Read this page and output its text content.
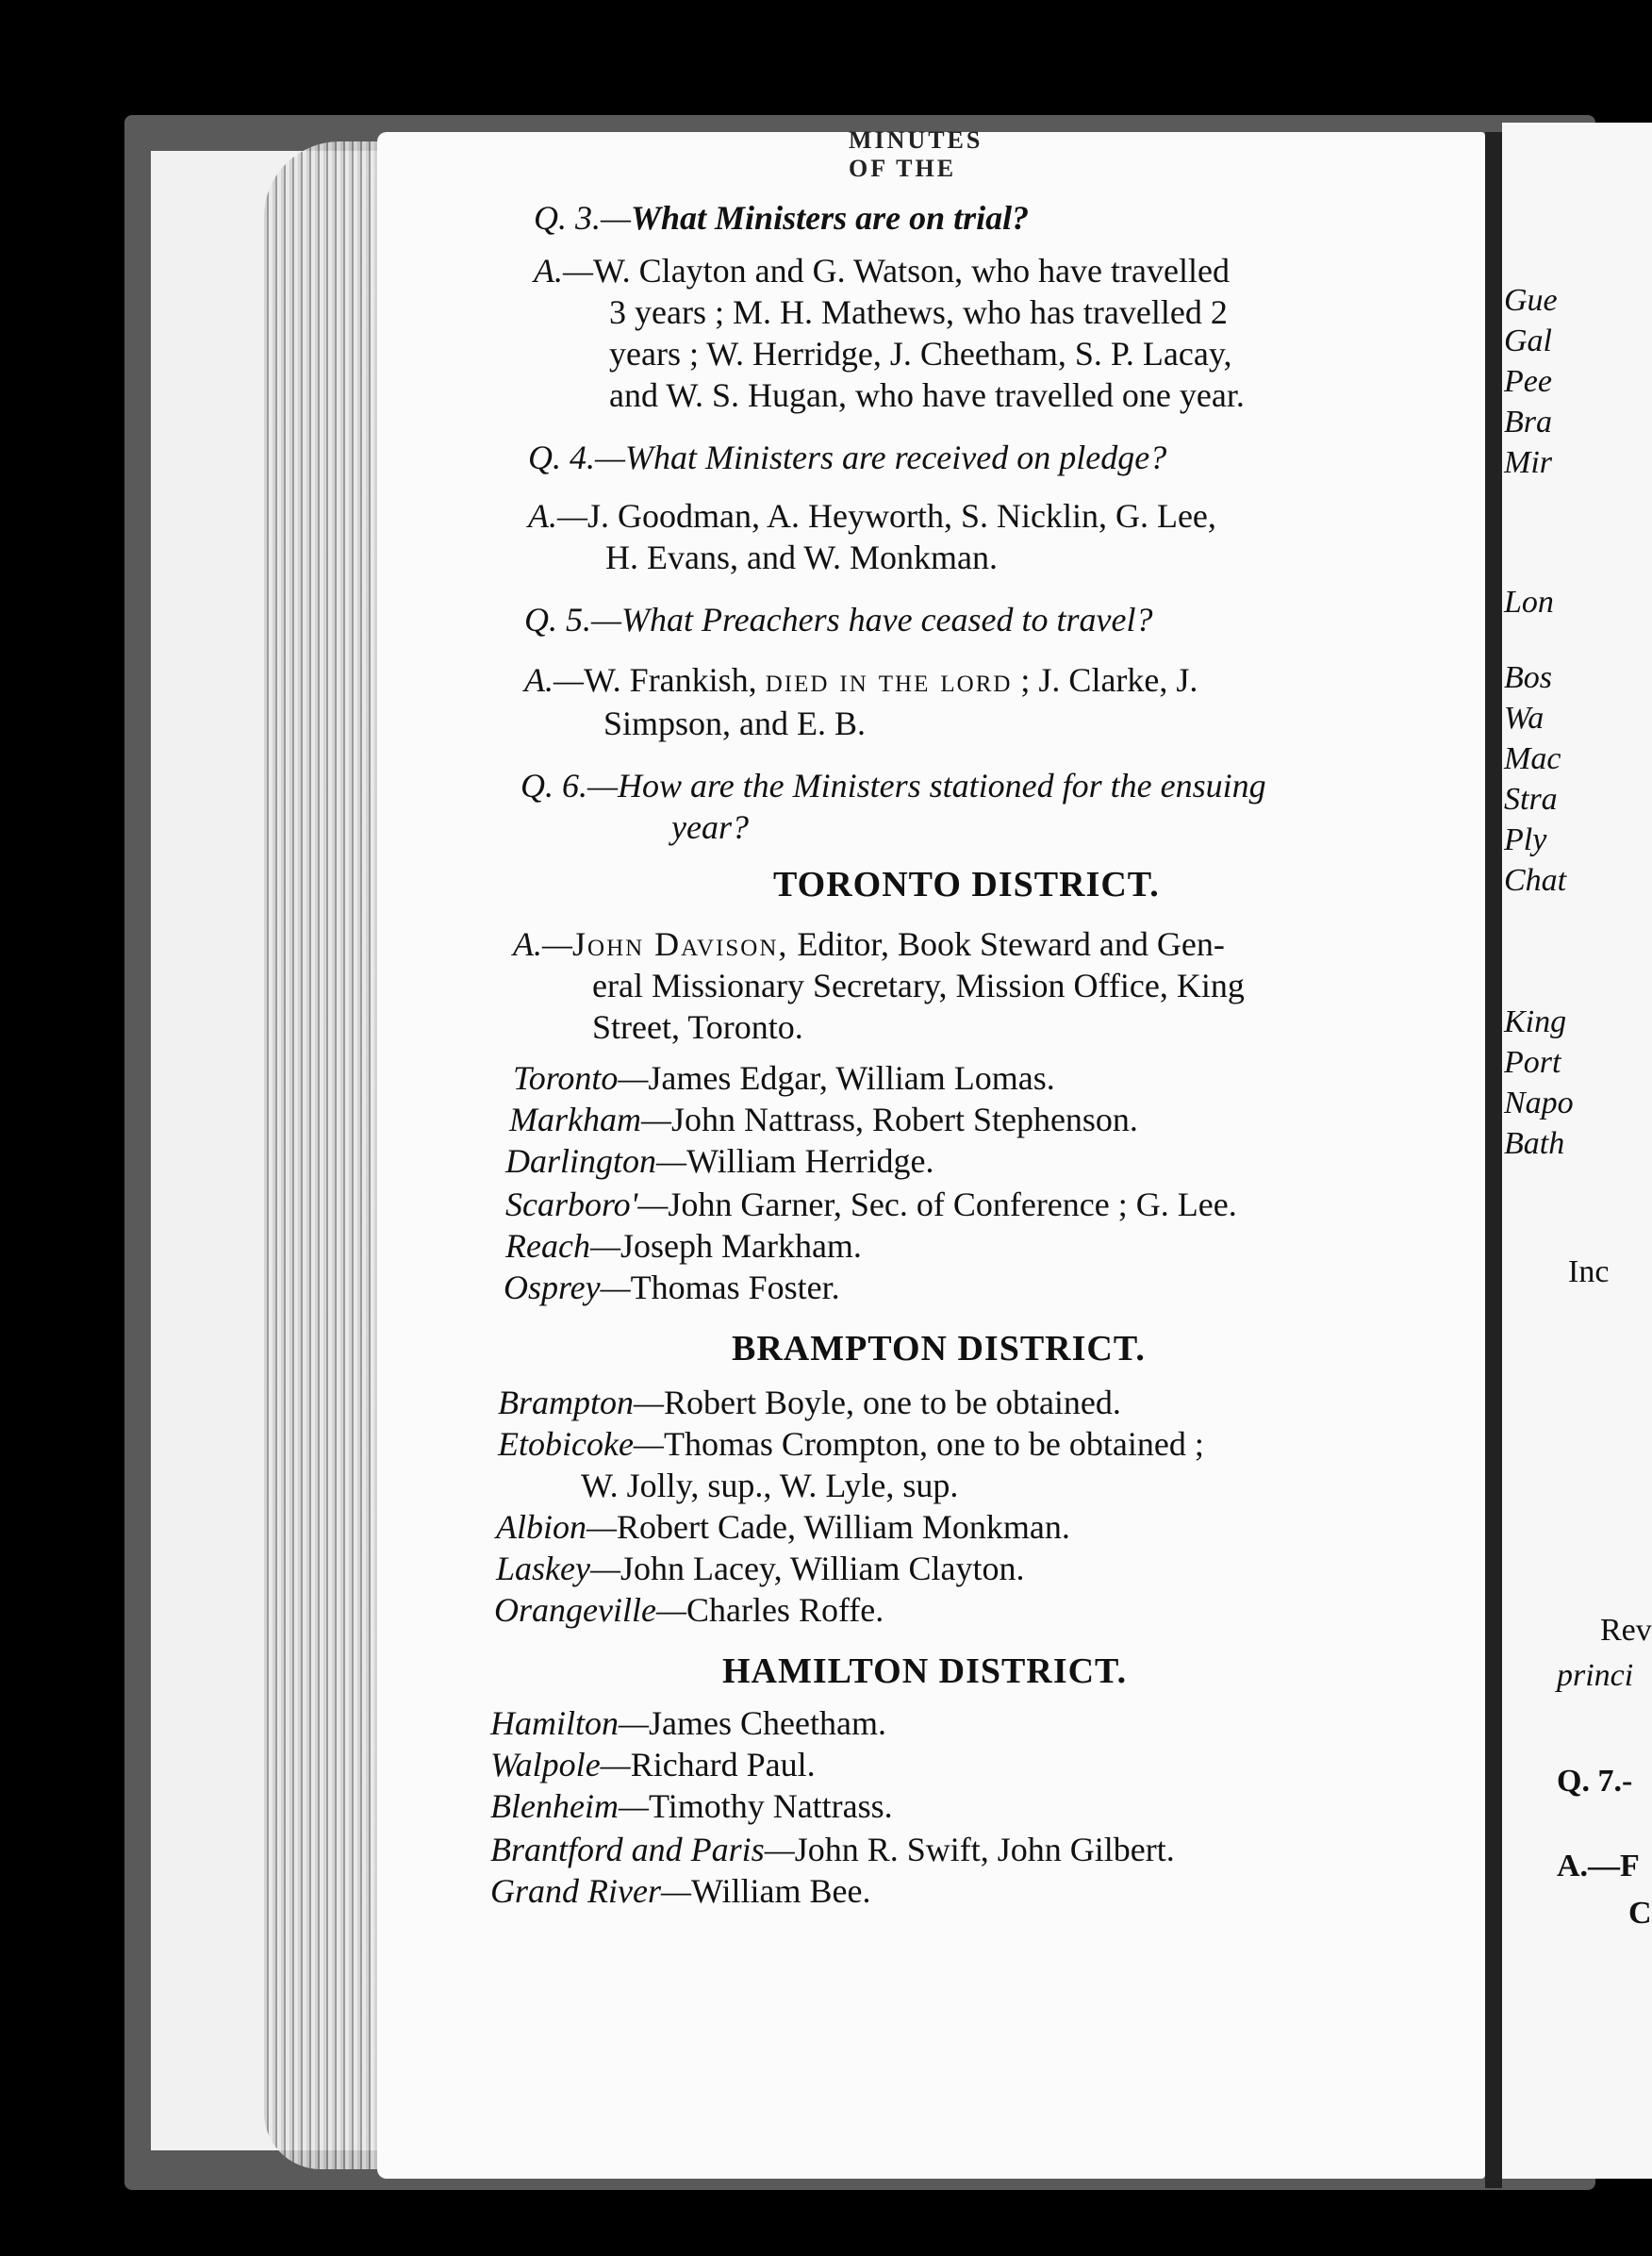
Gue
Gal
Pee
Bra
Mir
Lon
Bos
Wa
Mac
Stra
Ply
Chat
King
Port
Napo
Bath
Inc
Rev
princi
Q. 7.-
A.—F
C
MINUTES OF THE
Q. 3.—What Ministers are on trial?
A.—W. Clayton and G. Watson, who have travelled
3 years ; M. H. Mathews, who has travelled 2
years ; W. Herridge, J. Cheetham, S. P. Lacay,
and W. S. Hugan, who have travelled one year.
Q. 4.—What Ministers are received on pledge?
A.—J. Goodman, A. Heyworth, S. Nicklin, G. Lee,
H. Evans, and W. Monkman.
Q. 5.—What Preachers have ceased to travel?
A.—W. Frankish, died in the lord ; J. Clarke, J.
Simpson, and E. B.
Q. 6.—How are the Ministers stationed for the ensuing
year?
TORONTO DISTRICT.
A.—John Davison, Editor, Book Steward and Gen-
eral Missionary Secretary, Mission Office, King
Street, Toronto.
Toronto—James Edgar, William Lomas.
Markham—John Nattrass, Robert Stephenson.
Darlington—William Herridge.
Scarboro'—John Garner, Sec. of Conference ; G. Lee.
Reach—Joseph Markham.
Osprey—Thomas Foster.
BRAMPTON DISTRICT.
Brampton—Robert Boyle, one to be obtained.
Etobicoke—Thomas Crompton, one to be obtained ;
W. Jolly, sup., W. Lyle, sup.
Albion—Robert Cade, William Monkman.
Laskey—John Lacey, William Clayton.
Orangeville—Charles Roffe.
HAMILTON DISTRICT.
Hamilton—James Cheetham.
Walpole—Richard Paul.
Blenheim—Timothy Nattrass.
Brantford and Paris—John R. Swift, John Gilbert.
Grand River—William Bee.
